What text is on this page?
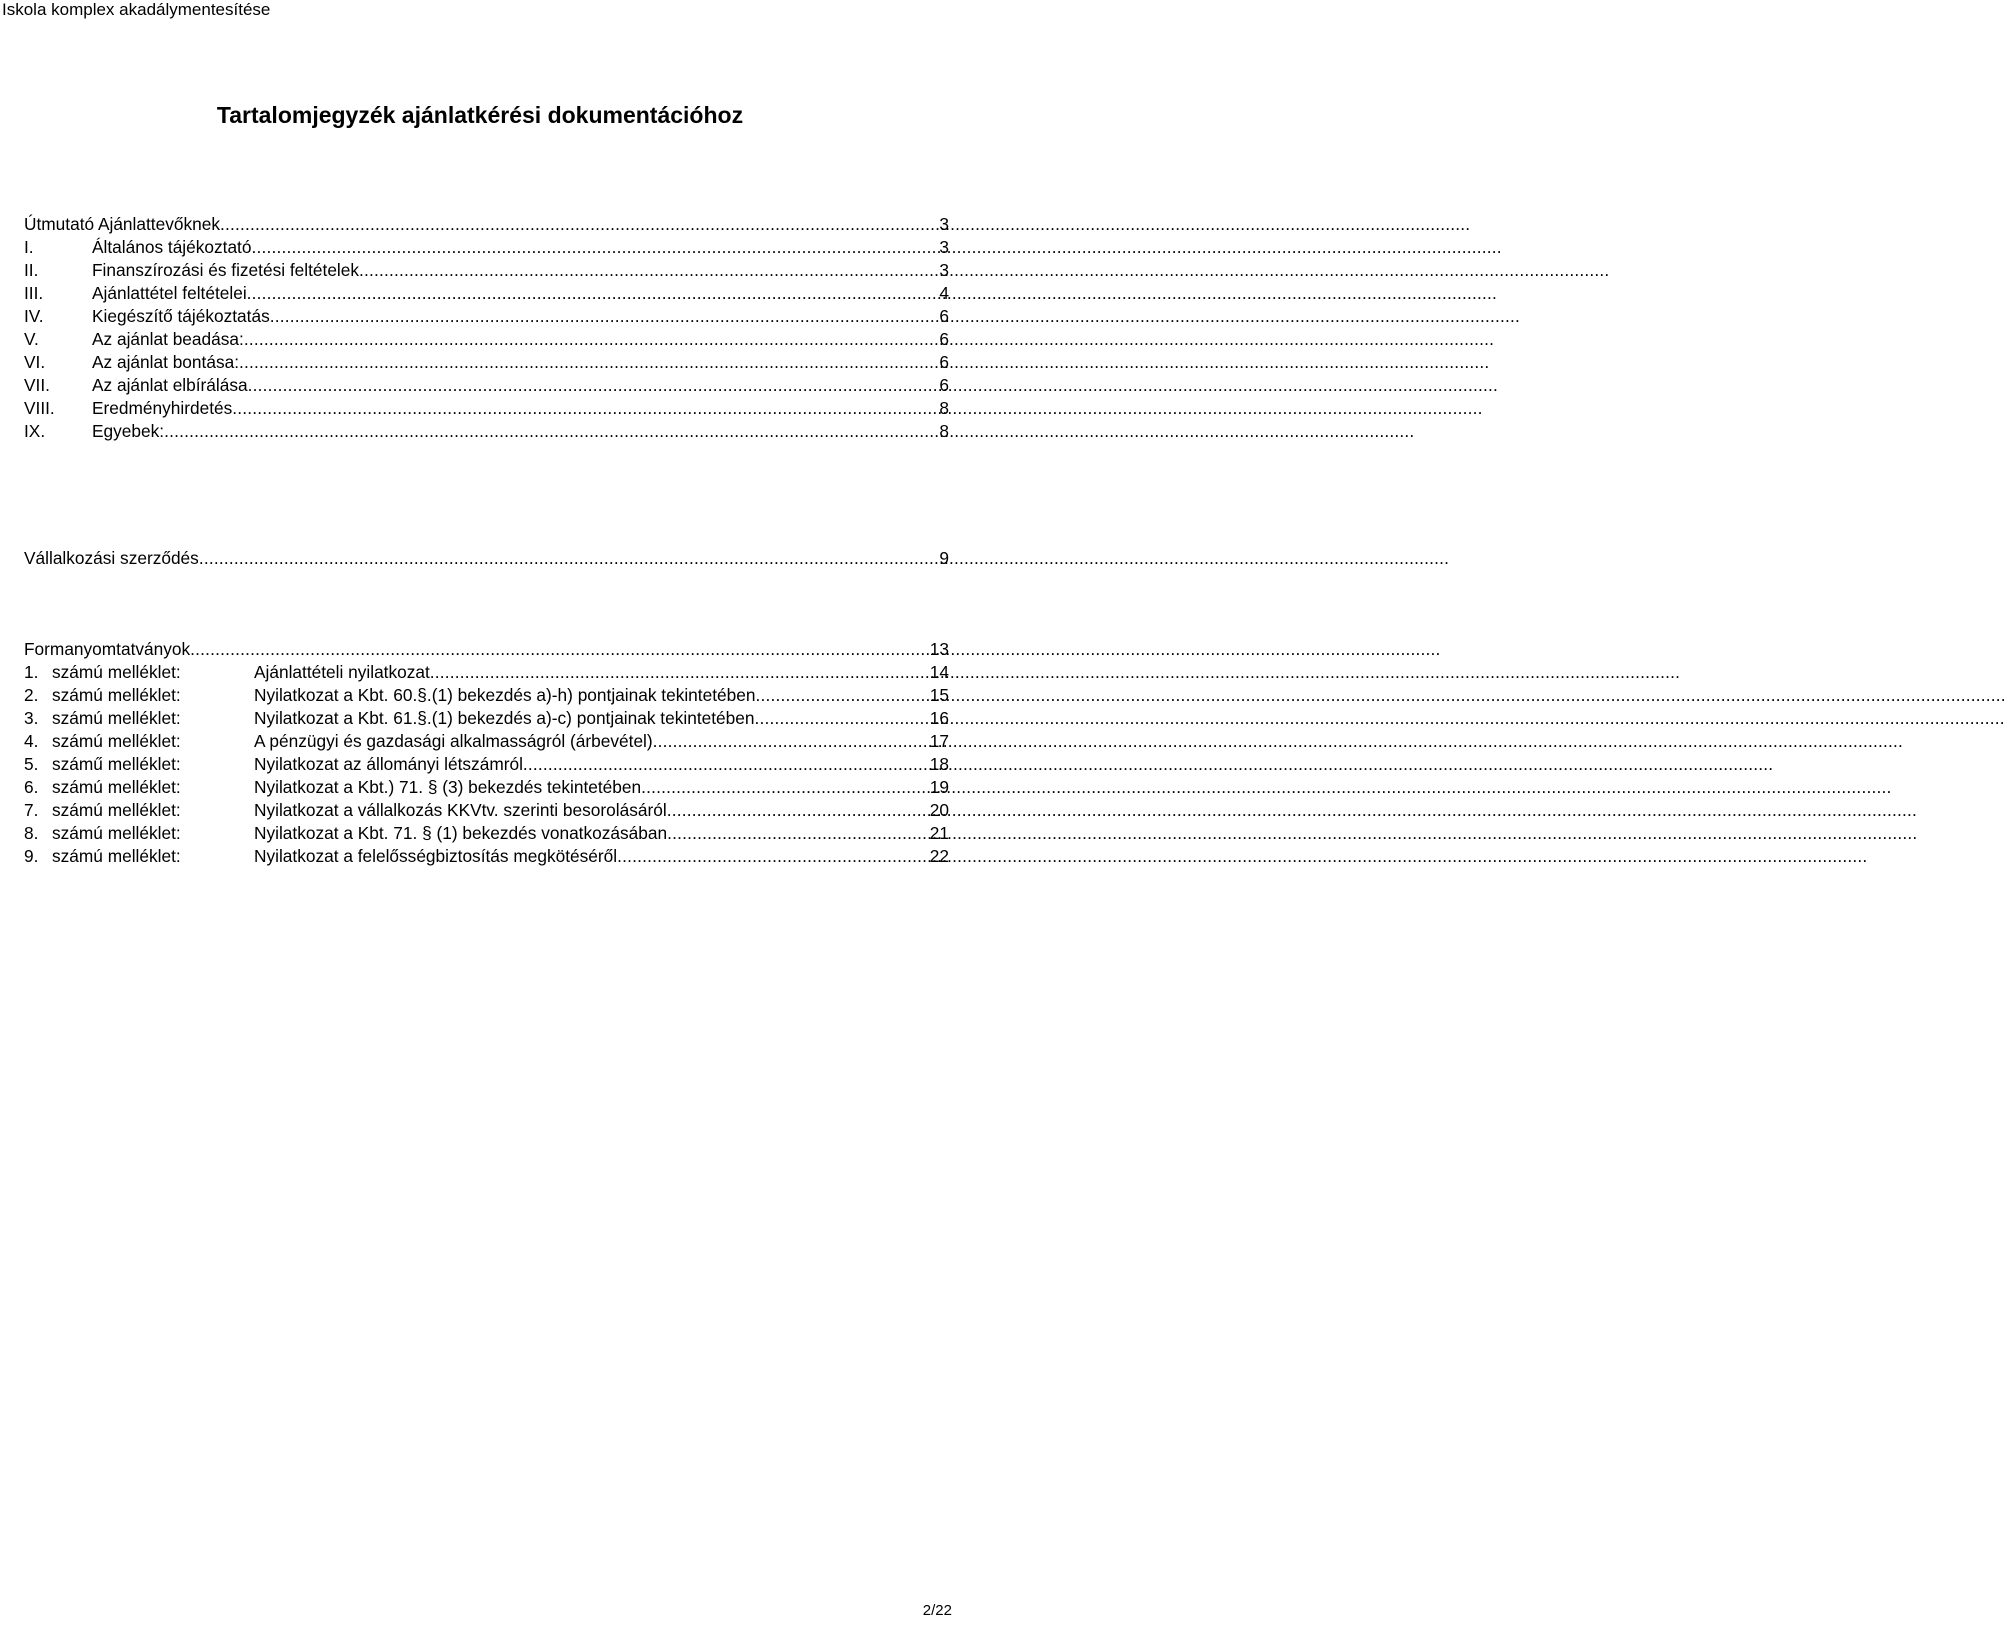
Iskola komplex akadálymentesítése
Tartalomjegyzék ajánlatkérési dokumentációhoz
Útmutató Ajánlattevőknek .....	3
I.	Általános tájékoztató .....	3
II.	Finanszírozási és fizetési feltételek .....	3
III.	Ajánlattétel feltételei .....	4
IV.	Kiegészítő tájékoztatás .....	6
V.	Az ajánlat beadása: .....	6
VI.	Az ajánlat bontása: .....	6
VII.	Az ajánlat elbírálása .....	6
VIII.	Eredményhirdetés .....	8
IX.	Egyebek: .....	8
Vállalkozási szerződés .....	9
Formanyomtatványok .....	13
1. számú melléklet:	Ajánlattételi nyilatkozat .....	14
2. számú melléklet:	Nyilatkozat a Kbt. 60.§.(1) bekezdés a)-h) pontjainak tekintetében .....	15
3. számú melléklet:	Nyilatkozat a Kbt. 61.§.(1) bekezdés a)-c) pontjainak tekintetében .....	16
4. számú melléklet:	A pénzügyi és gazdasági alkalmasságról (árbevétel) .....	17
5. számű melléklet:	Nyilatkozat az állományi létszámról .....	18
6. számú melléklet:	Nyilatkozat a Kbt.) 71. § (3) bekezdés tekintetében .....	19
7. számú melléklet:	Nyilatkozat a vállalkozás KKVtv. szerinti besorolásáról .....	20
8. számú melléklet:	Nyilatkozat a Kbt. 71. § (1) bekezdés vonatkozásában .....	21
9. számú melléklet:	Nyilatkozat a felelősségbiztosítás megkötéséről .....	22
2/22
